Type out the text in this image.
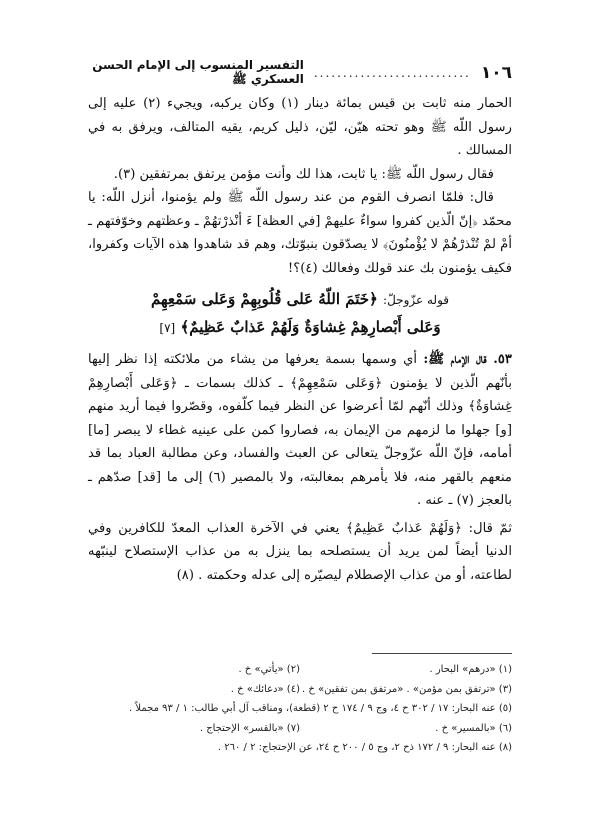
١٠٦
...........................
التفسير المنسوب إلى الإمام الحسن العسكري ﷺ

الحمار منه ثابت بن قيس بمائة دينار (١) وكان يركبه، ويجيء (٢) عليه إلى رسول اللّه ﷺ وهو تحته هيّن، ليّن، ذليل كريم، يقيه المتالف، ويرفق به في المسالك .

فقال رسول اللّه ﷺ: يا ثابت، هذا لك وأنت مؤمن يرتفق بمرتفقين (٣).

قال: فلمّا انصرف القوم من عند رسول اللّه ﷺ ولم يؤمنوا، أنزل اللّه: يا محمّد ﴿إنّ الّذين كفروا سواءٌ عليهمْ [في العظة] ءَ أنْذرْتهُمْ ـ وعظتهم وخوّفتهم ـ أمْ لمْ تُنْذرْهُمْ لا يُؤْمنُونَ﴾ لا يصدّقون بنبوّتك، وهم قد شاهدوا هذه الآيات وكفروا، فكيف يؤمنون بك عند قولك وفعالك (٤)؟!

قوله عزّوجلّ: ﴿خَتَمَ اللّهُ عَلى قُلُوبِهِمْ وَعَلى سَمْعِهِمْ
وَعَلى أَبْصارِهِمْ غِشاوَةٌ وَلَهُمْ عَذابٌ عَظِيمٌ﴾ [٧]

٥٣. قال الإمام ﷺ: أي وسمها بسمة يعرفها من يشاء من ملائكته إذا نظر إليها بأنّهم الّذين لا يؤمنون ﴿وَعَلى سَمْعِهِمْ﴾ ـ كذلك بسمات ـ ﴿وَعَلى أَبْصارِهِمْ غِشاوَةٌ﴾ وذلك أنّهم لمّا أعرضوا عن النظر فيما كلّفوه، وقصّروا فيما أريد منهم [و] جهلوا ما لزمهم من الإيمان به، فصاروا كمن على عينيه غطاء لا يبصر [ما] أمامه، فإنّ اللّه عزّوجلّ يتعالى عن العبث والفساد، وعن مطالبة العباد بما قد منعهم بالقهر منه، فلا يأمرهم بمغالبته، ولا بالمصير (٦) إلى ما [قد] صدّهم ـ بالعجز (٧) ـ عنه .

ثمّ قال: ﴿وَلَهُمْ عَذابٌ عَظِيمٌ﴾ يعني في الآخرة العذاب المعدّ للكافرين وفي الدنيا أيضاً لمن يريد أن يستصلحه بما ينزل به من عذاب الإستصلاح لينبّهه لطاعته، أو من عذاب الإصطلام ليصيّره إلى عدله وحكمته . (٨)

(١) «درهم» البحار .
(٢) «يأتي» خ .
(٣) «ترتفق بمن مؤمن» . «مرتفق بمن تفقين» خ .
(٤) «دعائك» خ .
(٥) عنه البحار: ١٧ / ٣٠٢ ح ٤، وج ٩ / ١٧٤ ح ٢ (قطعة)، ومناقب آل أبي طالب: ١ / ٩٣ مجملاً .
(٦) «بالمسير» خ .
(٧) «بالقسر» الإحتجاج .
(٨) عنه البحار: ٩ / ١٧٢ ذح ٢، وج ٥ / ٢٠٠ ح ٢٤، عن الإحتجاج: ٢ / ٢٦٠ .
